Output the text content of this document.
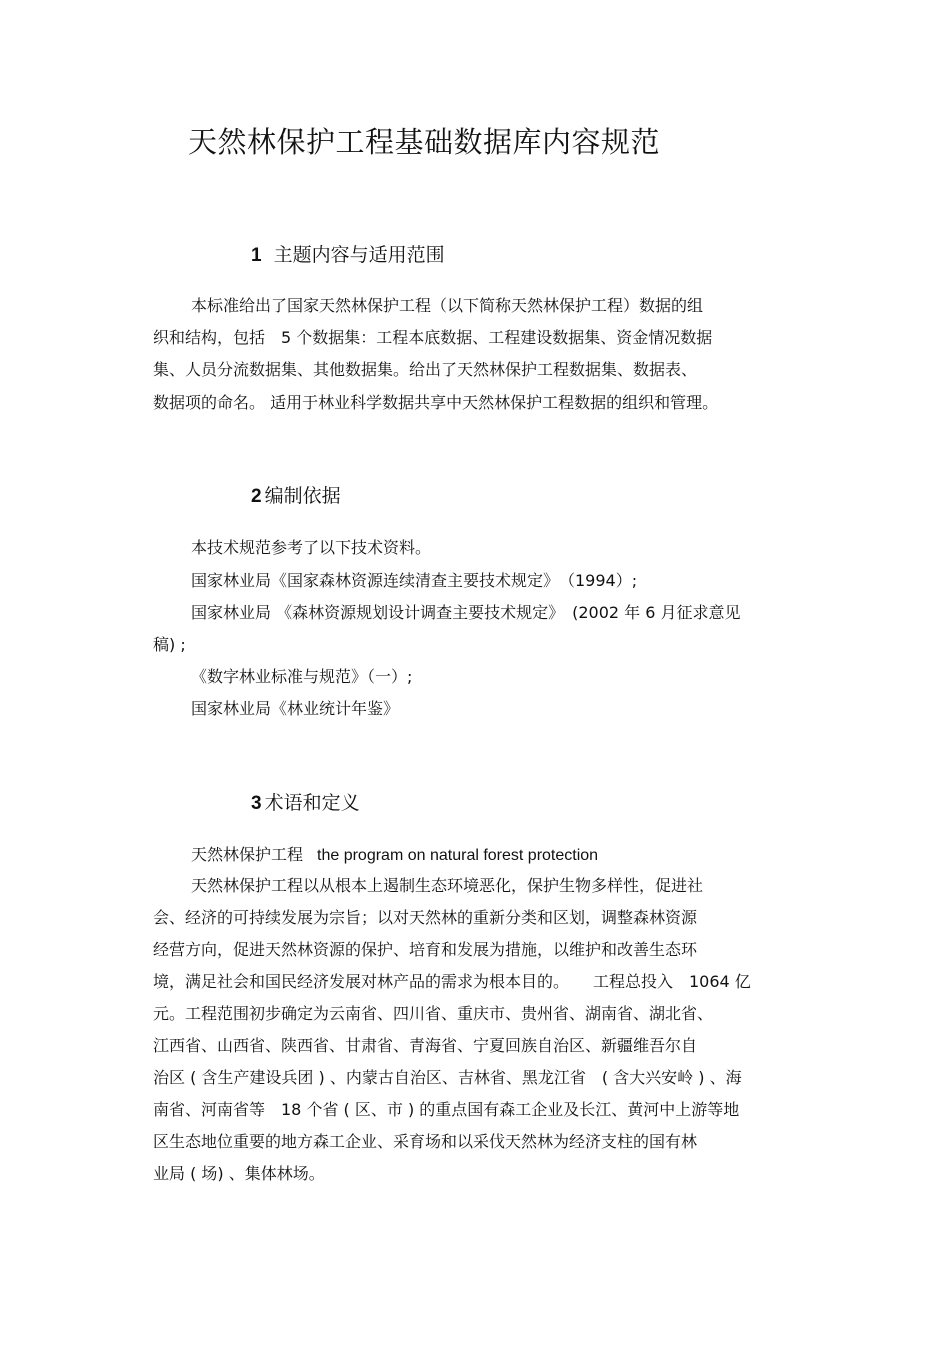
天然林保护工程基础数据库内容规范
1 主题内容与适用范围
本标准给出了国家天然林保护工程（以下简称天然林保护工程）数据的组
织和结构，包括　5 个数据集：工程本底数据、工程建设数据集、资金情况数据
集、人员分流数据集、其他数据集。给出了天然林保护工程数据集、数据表、
数据项的命名。 适用于林业科学数据共享中天然林保护工程数据的组织和管理。
2 编制依据
本技术规范参考了以下技术资料。
国家林业局《国家森林资源连续清查主要技术规定》　（1994）;
国家林业局 《森林资源规划设计调查主要技术规定》　(2002 年 6 月征求意见
稿) ;
《数字林业标准与规范》（一）;
国家林业局《林业统计年鉴》
3 术语和定义
天然林保护工程 the program on natural forest protection
天然林保护工程以从根本上遏制生态环境恶化，保护生物多样性，促进社
会、经济的可持续发展为宗旨；以对天然林的重新分类和区划，调整森林资源
经营方向，促进天然林资源的保护、培育和发展为措施，以维护和改善生态环
境，满足社会和国民经济发展对林产品的需求为根本目的。　　工程总投入　1064 亿
元。工程范围初步确定为云南省、四川省、重庆市、贵州省、湖南省、湖北省、
江西省、山西省、陕西省、甘肃省、青海省、宁夏回族自治区、新疆维吾尔自
治区 ( 含生产建设兵团 ) 、内蒙古自治区、吉林省、黑龙江省　( 含大兴安岭 ) 、海
南省、河南省等　18 个省 ( 区、市 ) 的重点国有森工企业及长江、黄河中上游等地
区生态地位重要的地方森工企业、采育场和以采伐天然林为经济支柱的国有林
业局 ( 场) 、集体林场。
